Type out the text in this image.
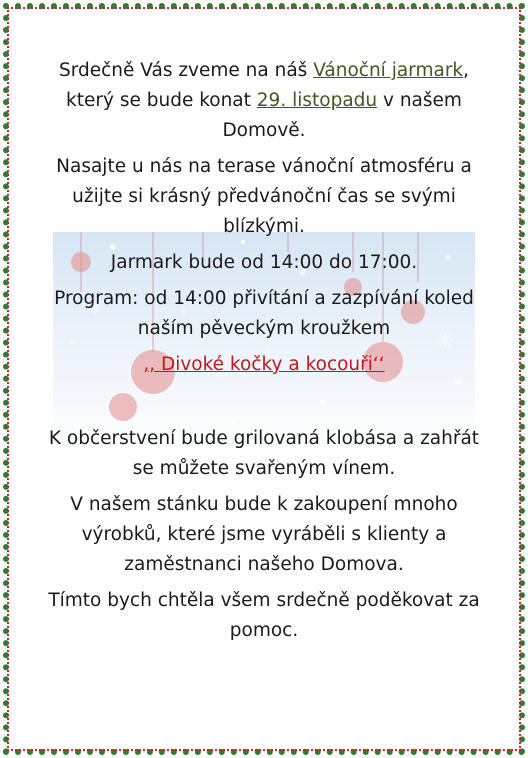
Srdečně Vás zveme na náš Vánoční jarmark, který se bude konat 29. listopadu v našem Domově.

Nasajte u nás na terase vánoční atmosféru a užijte si krásný předvánoční čas se svými blízkými.

Jarmark bude od 14:00 do 17:00.

Program: od 14:00 přivítání a zazpívání koled naším pěveckým kroužkem

,, Divoké kočky a kocouři‘‘

K občerstvení bude grilovaná klobása a zahřát se můžete svařeným vínem.

V našem stánku bude k zakoupení mnoho výrobků, které jsme vyráběli s klienty a zaměstnanci našeho Domova.

Tímto bych chtěla všem srdečně poděkovat za pomoc.
